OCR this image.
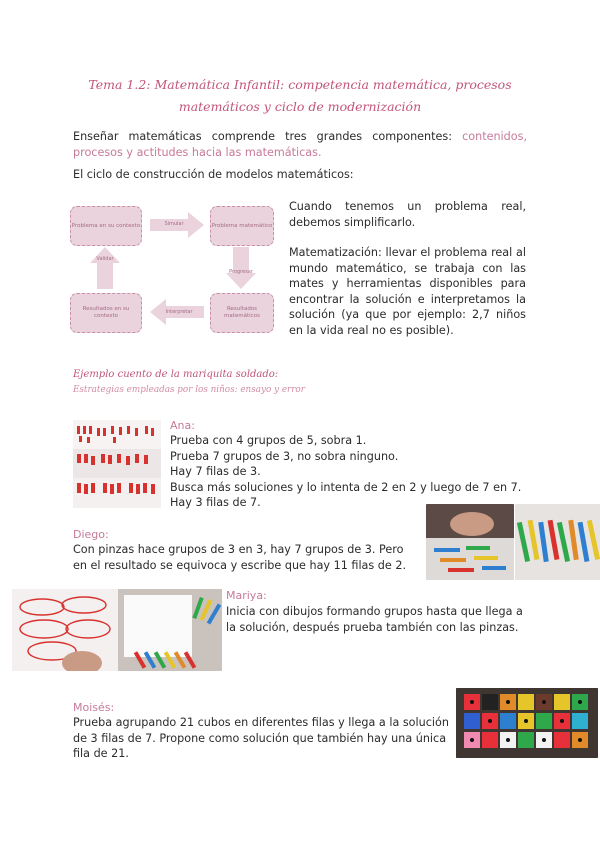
Tema 1.2: Matemática Infantil: competencia matemática, procesos matemáticos y ciclo de modernización
Enseñar matemáticas comprende tres grandes componentes: contenidos, procesos y actitudes hacia las matemáticas.
El ciclo de construcción de modelos matemáticos:
Problema en su contexto	Problema matemático
Resultados matemáticos
Resultados en su contexto
Simular
Progresar
Interpretar
Validar
Cuando tenemos un problema real, debemos simplificarlo.
Matematización: llevar el problema real al mundo matemático, se trabaja con las mates y herramientas disponibles para encontrar la solución e interpretamos la solución (ya que por ejemplo: 2,7 niños en la vida real no es posible).
Ejemplo cuento de la mariquita soldado:
Estrategias empleadas por los niños: ensayo y error
Ana:
Prueba con 4 grupos de 5, sobra 1.
Prueba 7 grupos de 3, no sobra ninguno.
Hay 7 filas de 3.
Busca más soluciones y lo intenta de 2 en 2 y luego de 7 en 7.
Hay 3 filas de 7.
Diego:
Con pinzas hace grupos de 3 en 3, hay 7 grupos de 3. Pero en el resultado se equivoca y escribe que hay 11 filas de 2.
Mariya:
Inicia con dibujos formando grupos hasta que llega a la solución, después prueba también con las pinzas.
Moisés:
Prueba agrupando 21 cubos en diferentes filas y llega a la solución de 3 filas de 7. Propone como solución que también hay una única fila de 21.
